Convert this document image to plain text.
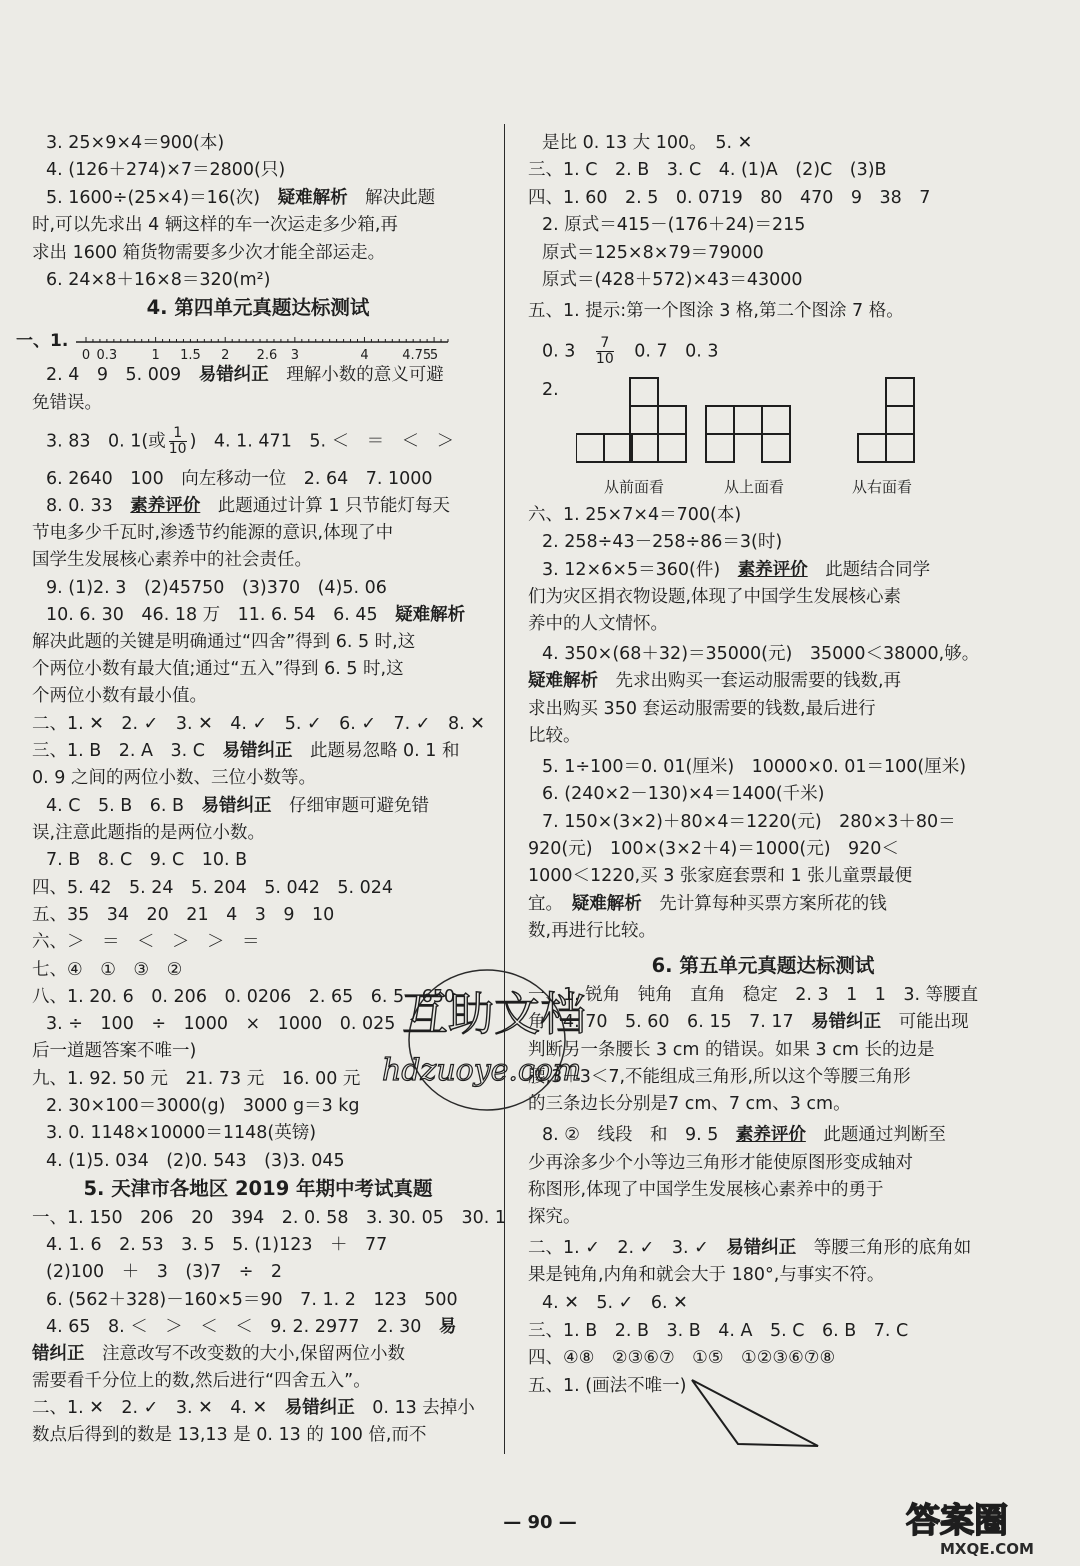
3. 25×9×4＝900(本)
4. (126＋274)×7＝2800(只)
5. 1600÷(25×4)＝16(次)　 疑难解析　 解决此题
时,可以先求出 4 辆这样的车一次运走多少箱,再
求出 1600 箱货物需要多少次才能全部运走。
6. 24×8＋16×8＝320(m²)
4. 第四单元真题达标测试
一、1.
0 0.3	1 1.5 2 2.6 3	4	4.75
5
2. 4　9　5. 009　 易错纠正　 理解小数的意义可避
免错误。
3. 83　0. 1(或 $\frac{1}{10}$ )　4. 1. 471　5. ＜　＝　＜　＞
6. 2640　100　向左移动一位　2. 64　7. 1000
8. 0. 33　 素养评价　 此题通过计算 1 只节能灯每天
节电多少千瓦时,渗透节约能源的意识,体现了中
国学生发展核心素养中的社会责任。
9. (1)2. 3　(2)45750　(3)370　(4)5. 06
10. 6. 30　46. 18 万　11. 6. 54　6. 45　 疑难解析
解决此题的关键是明确通过“四舍”得到 6. 5 时,这
个两位小数有最大值;通过“五入”得到 6. 5 时,这
个两位小数有最小值。
二、1. ✕　2. ✓　3. ✕　4. ✓　5. ✓　6. ✓　7. ✓　8. ✕
三、1. B　2. A　3. C　 易错纠正　 此题易忽略 0. 1 和
0. 9 之间的两位小数、三位小数等。
4. C　5. B　6. B　 易错纠正　 仔细审题可避免错
误,注意此题指的是两位小数。
7. B　8. C　9. C　10. B
四、5. 42　5. 24　5. 204　5. 042　5. 024
五、35　34　20　21　4　3　9　10
六、＞　＝　＜　＞　＞　＝
七、④　①　③　②
八、1. 20. 6　0. 206　0. 0206　2. 65　6. 5　650
3. ÷　100　÷　1000　×　1000　0. 025
后一道题答案不唯一)
九、1. 92. 50 元　21. 73 元　16. 00 元
2. 30×100＝3000(g)　3000 g＝3 kg
3. 0. 1148×10000＝1148(英镑)
4. (1)5. 034　(2)0. 543　(3)3. 045
5. 天津市各地区 2019 年期中考试真题
一、1. 150　206　20　394　2. 0. 58　3. 30. 05　30. 1
4. 1. 6　2. 53　3. 5　5. (1)123　＋　77
(2)100　＋　3　(3)7　÷　2
6. (562＋328)－160×5＝90　7. 1. 2　123　500
4. 65　8. ＜　＞　＜　＜　9. 2. 2977　2. 30　 易
错纠正　 注意改写不改变数的大小,保留两位小数
需要看千分位上的数,然后进行“四舍五入”。
二、1. ✕　2. ✓　3. ✕　4. ✕　 易错纠正　 0. 13 去掉小
数点后得到的数是 13,13 是 0. 13 的 100 倍,而不
是比 0. 13 大 100。　5. ✕
三、1. C　2. B　3. C　4. (1)A　(2)C　(3)B
四、1. 60　2. 5　0. 0719　80　470　9　38　7
2. 原式＝415－(176＋24)＝215
原式＝125×8×79＝79000
原式＝(428＋572)×43＝43000
五、1. 提示:第一个图涂 3 格,第二个图涂 7 格。
0. 3　 $\frac{7}{10}$
　 0. 7　0. 3
2.
从前面看	从上面看	从右面看
六、1. 25×7×4＝700(本)
2. 258÷43－258÷86＝3(时)
3. 12×6×5＝360(件)　 素养评价　 此题结合同学
们为灾区捐衣物设题,体现了中国学生发展核心素
养中的人文情怀。
4. 350×(68＋32)＝35000(元)　35000＜38000,够。
疑难解析　 先求出购买一套运动服需要的钱数,再
求出购买 350 套运动服需要的钱数,最后进行
比较。
5. 1÷100＝0. 01(厘米)　10000×0. 01＝100(厘米)
6. (240×2－130)×4＝1400(千米)
7. 150×(3×2)＋80×4＝1220(元)　280×3＋80＝
920(元)　100×(3×2＋4)＝1000(元)　920＜
1000＜1220,买 3 张家庭套票和 1 张儿童票最便
宜。　 疑难解析　 先计算每种买票方案所花的钱
数,再进行比较。
6. 第五单元真题达标测试
一、1. 锐角　钝角　直角　稳定　2. 3　1　1　3. 等腰直
角　4. 70　5. 60　6. 15　7. 17　 易错纠正　 可能出现
判断另一条腰长 3 cm 的错误。如果 3 cm 长的边是
腰,3＋3＜7,不能组成三角形,所以这个等腰三角形
的三条边长分别是7 cm、7 cm、3 cm。
8. ②　线段　和　9. 5　 素养评价　 此题通过判断至
少再涂多少个小等边三角形才能使原图形变成轴对
称图形,体现了中国学生发展核心素养中的勇于
探究。
二、1. ✓　2. ✓　3. ✓　 易错纠正　 等腰三角形的底角如
果是钝角,内角和就会大于 180°,与事实不符。
4. ✕　5. ✓　6. ✕
三、1. B　2. B　3. B　4. A　5. C　6. B　7. C
四、④⑧　②③⑥⑦　①⑤　①②③⑥⑦⑧
五、1. (画法不唯一)
互助文档
hdzuoye.com
— 90 —	答案圈
MXQE.COM
